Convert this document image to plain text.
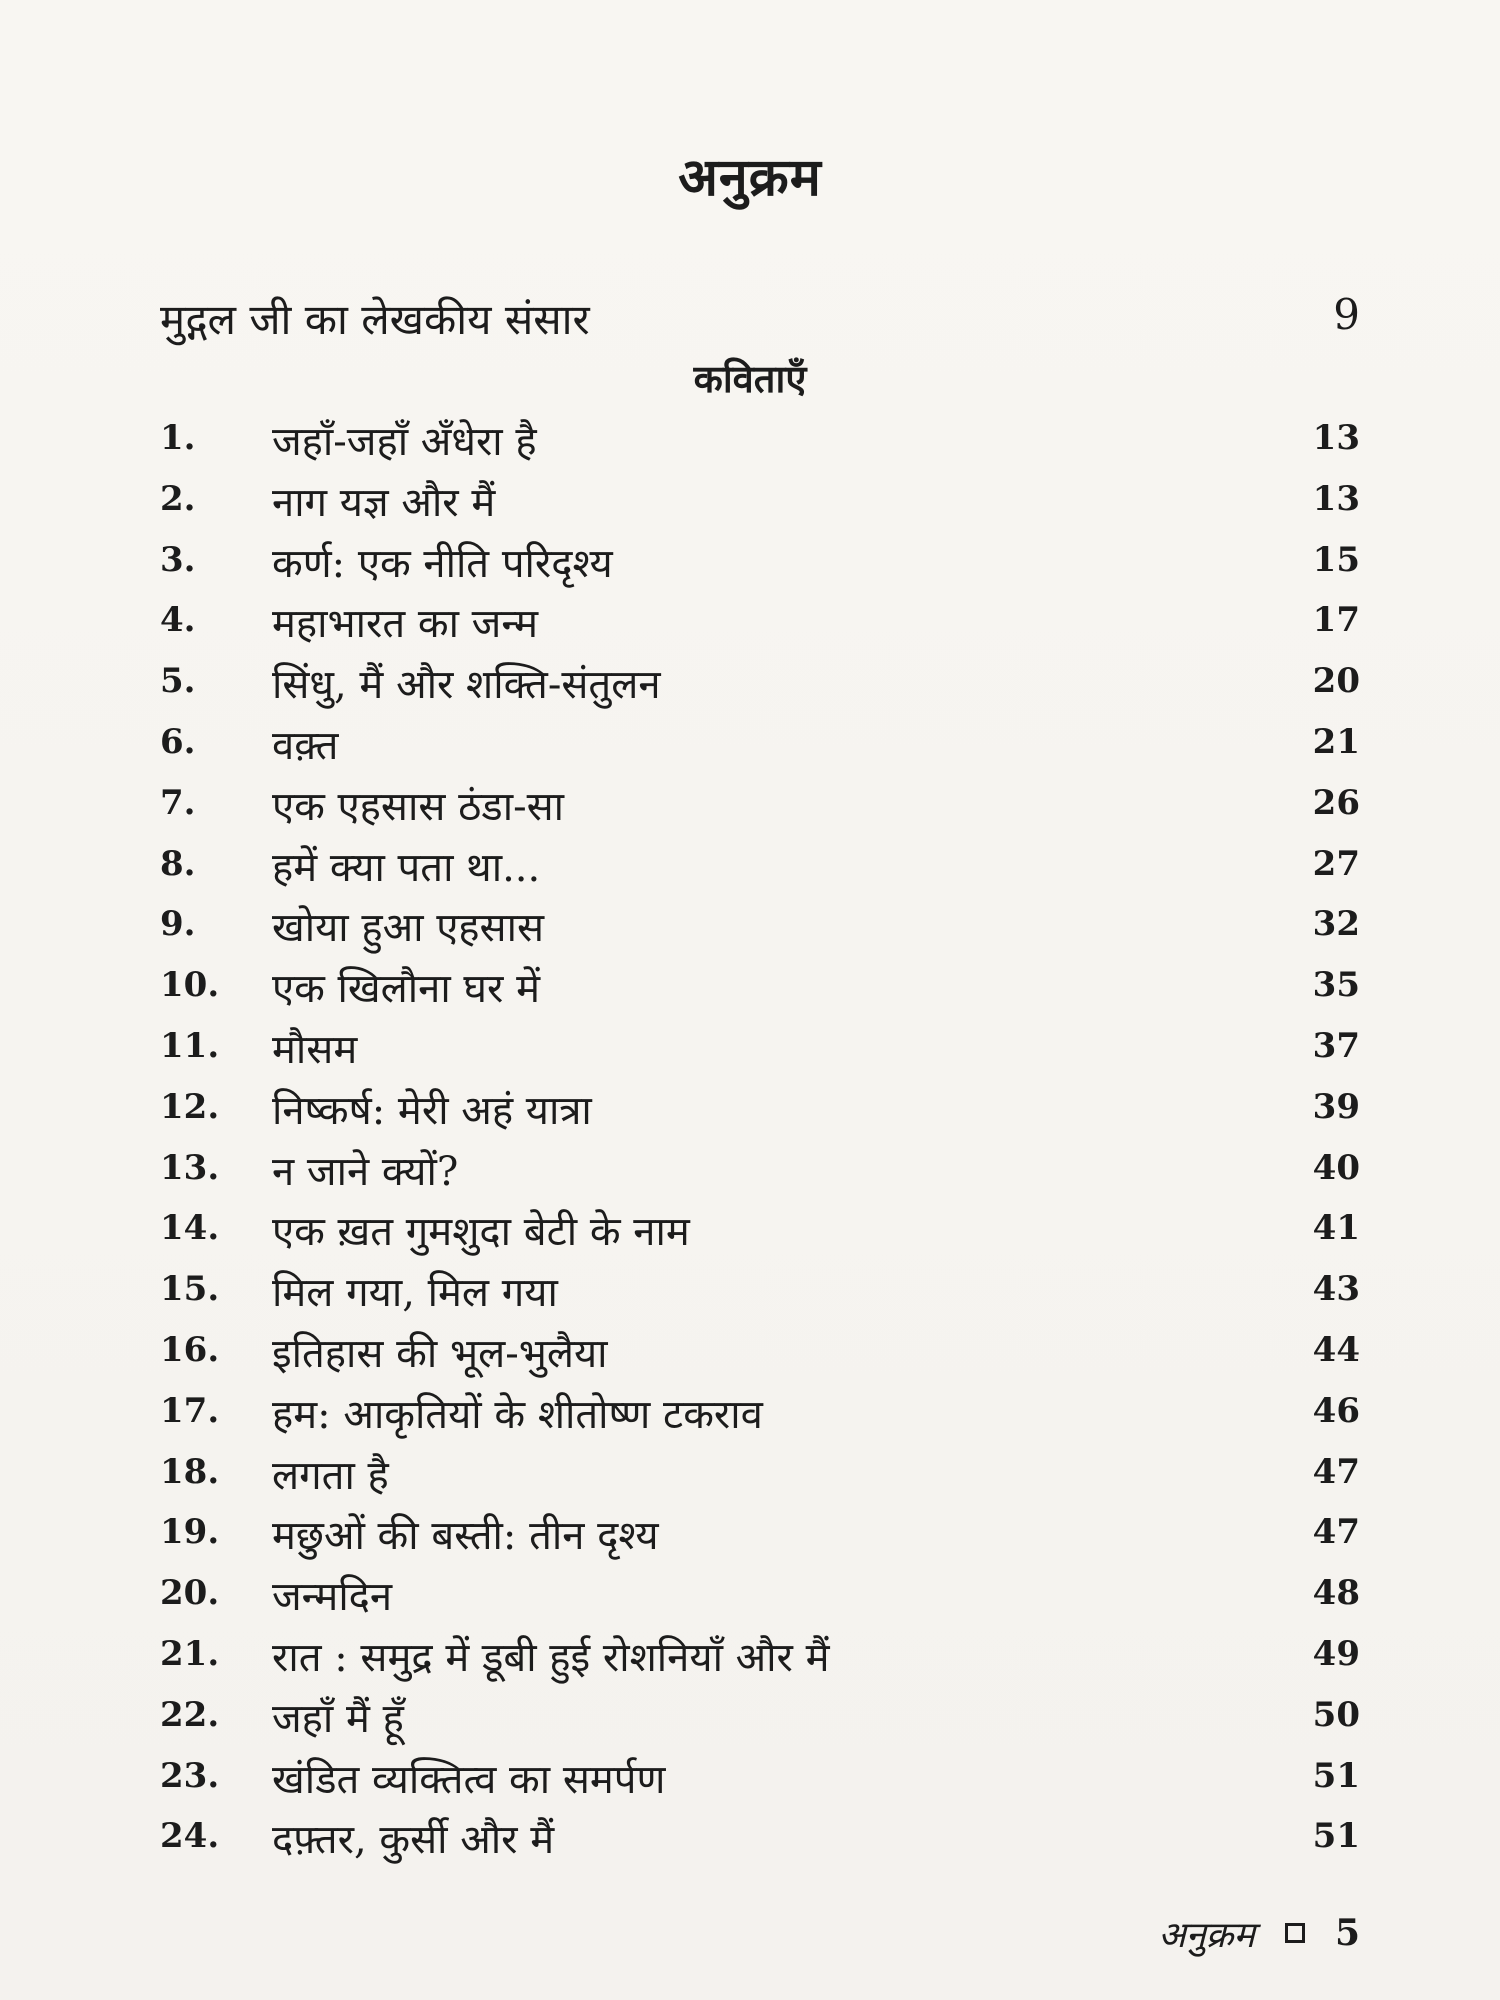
अनुक्रम
मुद्गल जी का लेखकीय संसार	9
कविताएँ
1. जहाँ-जहाँ अँधेरा है	13
2. नाग यज्ञ और मैं	13
3. कर्ण: एक नीति परिदृश्य	15
4. महाभारत का जन्म	17
5. सिंधु, मैं और शक्ति-संतुलन	20
6. वक़्त	21
7. एक एहसास ठंडा-सा	26
8. हमें क्या पता था...	27
9. खोया हुआ एहसास	32
10. एक खिलौना घर में	35
11. मौसम	37
12. निष्कर्ष: मेरी अहं यात्रा	39
13. न जाने क्यों?	40
14. एक ख़त गुमशुदा बेटी के नाम	41
15. मिल गया, मिल गया	43
16. इतिहास की भूल-भुलैया	44
17. हम: आकृतियों के शीतोष्ण टकराव	46
18. लगता है	47
19. मछुओं की बस्ती: तीन दृश्य	47
20. जन्मदिन	48
21. रात : समुद्र में डूबी हुई रोशनियाँ और मैं	49
22. जहाँ मैं हूँ	50
23. खंडित व्यक्तित्व का समर्पण	51
24. दफ़्तर, कुर्सी और मैं	51
अनुक्रम 5
